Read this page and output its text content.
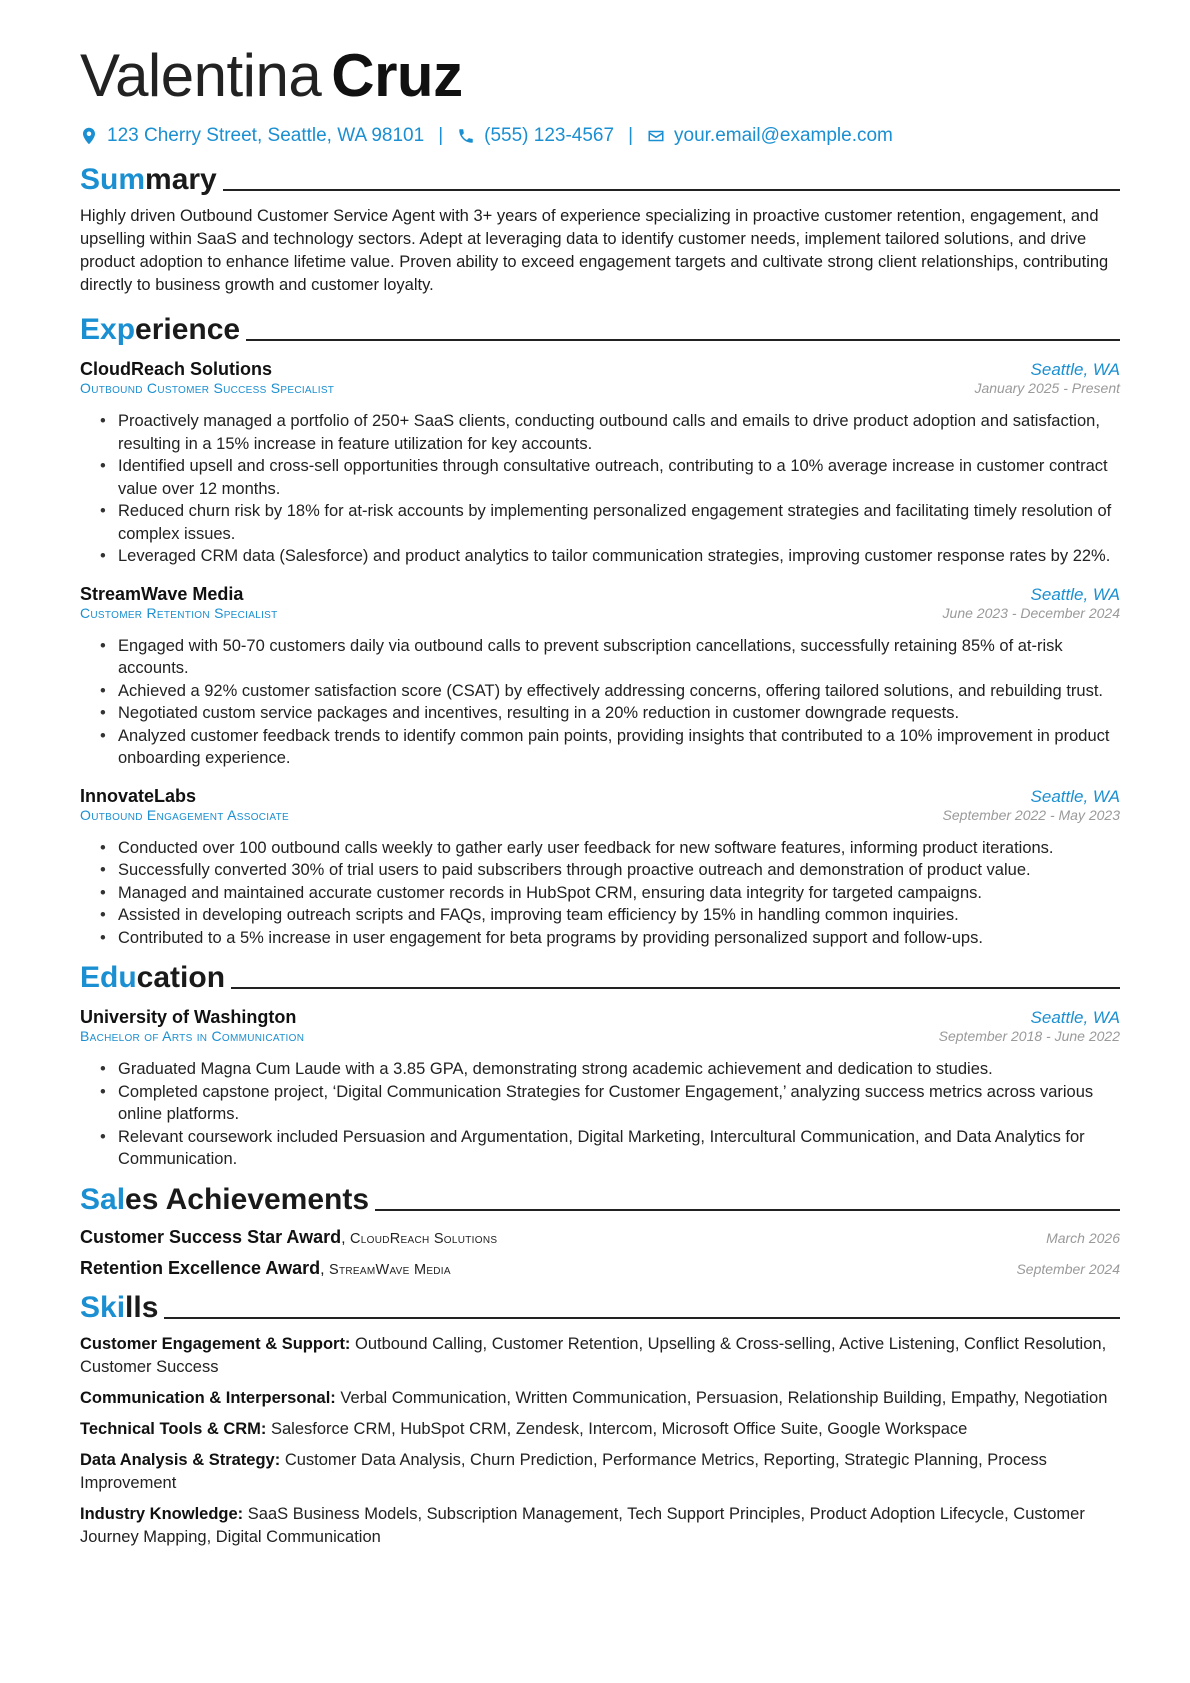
Valentina Cruz
123 Cherry Street, Seattle, WA 98101 | (555) 123-4567 | your.email@example.com
Summary
Highly driven Outbound Customer Service Agent with 3+ years of experience specializing in proactive customer retention, engagement, and upselling within SaaS and technology sectors. Adept at leveraging data to identify customer needs, implement tailored solutions, and drive product adoption to enhance lifetime value. Proven ability to exceed engagement targets and cultivate strong client relationships, contributing directly to business growth and customer loyalty.
Experience
CloudReach Solutions	Seattle, WA
Outbound Customer Success Specialist	January 2025 - Present
• Proactively managed a portfolio of 250+ SaaS clients, conducting outbound calls and emails to drive product adoption and satisfaction, resulting in a 15% increase in feature utilization for key accounts.
• Identified upsell and cross-sell opportunities through consultative outreach, contributing to a 10% average increase in customer contract value over 12 months.
• Reduced churn risk by 18% for at-risk accounts by implementing personalized engagement strategies and facilitating timely resolution of complex issues.
• Leveraged CRM data (Salesforce) and product analytics to tailor communication strategies, improving customer response rates by 22%.
StreamWave Media	Seattle, WA
Customer Retention Specialist	June 2023 - December 2024
• Engaged with 50-70 customers daily via outbound calls to prevent subscription cancellations, successfully retaining 85% of at-risk accounts.
• Achieved a 92% customer satisfaction score (CSAT) by effectively addressing concerns, offering tailored solutions, and rebuilding trust.
• Negotiated custom service packages and incentives, resulting in a 20% reduction in customer downgrade requests.
• Analyzed customer feedback trends to identify common pain points, providing insights that contributed to a 10% improvement in product onboarding experience.
InnovateLabs	Seattle, WA
Outbound Engagement Associate	September 2022 - May 2023
• Conducted over 100 outbound calls weekly to gather early user feedback for new software features, informing product iterations.
• Successfully converted 30% of trial users to paid subscribers through proactive outreach and demonstration of product value.
• Managed and maintained accurate customer records in HubSpot CRM, ensuring data integrity for targeted campaigns.
• Assisted in developing outreach scripts and FAQs, improving team efficiency by 15% in handling common inquiries.
• Contributed to a 5% increase in user engagement for beta programs by providing personalized support and follow-ups.
Education
University of Washington	Seattle, WA
Bachelor of Arts in Communication	September 2018 - June 2022
• Graduated Magna Cum Laude with a 3.85 GPA, demonstrating strong academic achievement and dedication to studies.
• Completed capstone project, ‘Digital Communication Strategies for Customer Engagement,’ analyzing success metrics across various online platforms.
• Relevant coursework included Persuasion and Argumentation, Digital Marketing, Intercultural Communication, and Data Analytics for Communication.
Sales Achievements
Customer Success Star Award, CloudReach Solutions	March 2026
Retention Excellence Award, StreamWave Media	September 2024
Skills
Customer Engagement & Support: Outbound Calling, Customer Retention, Upselling & Cross-selling, Active Listening, Conflict Resolution, Customer Success
Communication & Interpersonal: Verbal Communication, Written Communication, Persuasion, Relationship Building, Empathy, Negotiation
Technical Tools & CRM: Salesforce CRM, HubSpot CRM, Zendesk, Intercom, Microsoft Office Suite, Google Workspace
Data Analysis & Strategy: Customer Data Analysis, Churn Prediction, Performance Metrics, Reporting, Strategic Planning, Process Improvement
Industry Knowledge: SaaS Business Models, Subscription Management, Tech Support Principles, Product Adoption Lifecycle, Customer Journey Mapping, Digital Communication
